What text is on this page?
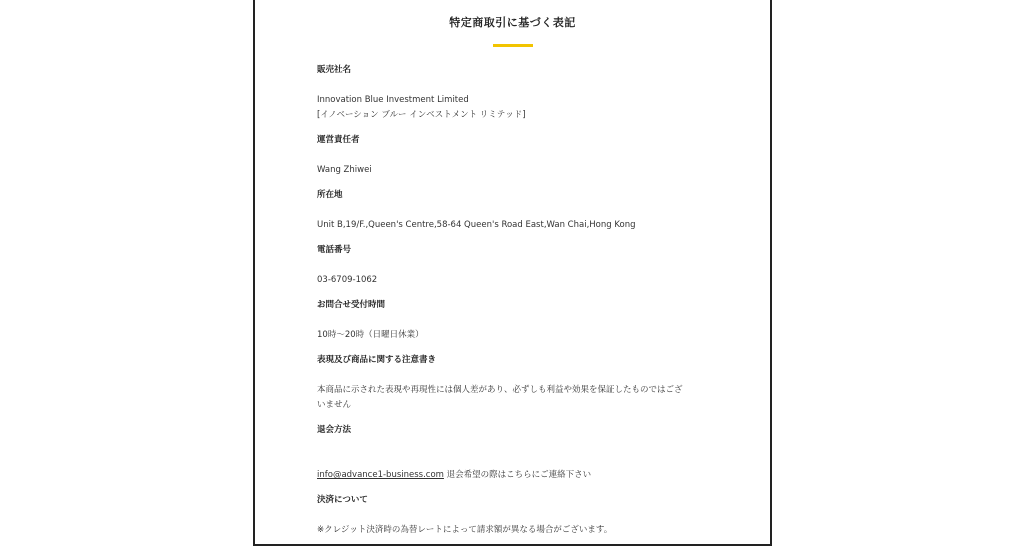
特定商取引に基づく表記
販売社名
Innovation Blue Investment Limited
[イノベーション ブルー インベストメント リミテッド]
運営責任者
Wang Zhiwei
所在地
Unit B,19/F.,Queen's Centre,58-64 Queen's Road East,Wan Chai,Hong Kong
電話番号
03-6709-1062
お問合せ受付時間
10時〜20時（日曜日休業）
表現及び商品に関する注意書き
本商品に示された表現や再現性には個人差があり、必ずしも利益や効果を保証したものではござ
いません
退会方法
info@advance1-business.com 退会希望の際はこちらにご連絡下さい
決済について
※クレジット決済時の為替レートによって請求額が異なる場合がございます。
